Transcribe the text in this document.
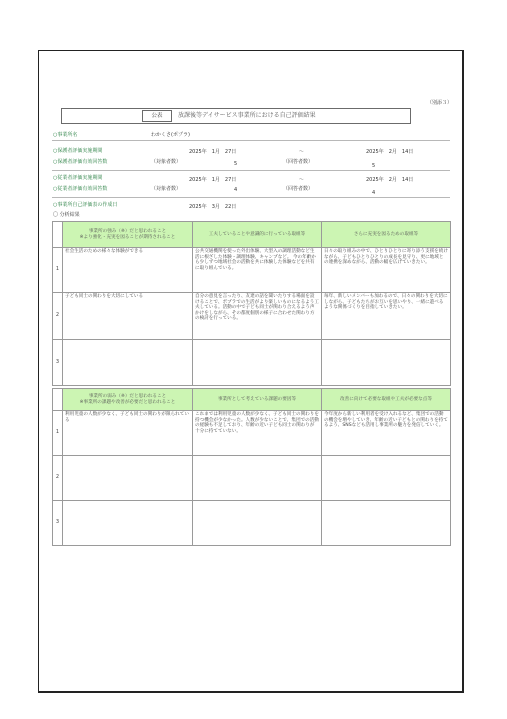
（別添３）
公表	放課後等デイサービス事業所における自己評価結果
○事業所名	わかくさ(ポプラ)
○保護者評価実施期間	2025年　1月　27日	～	2025年　2月　14日
○保護者評価有効回答数	（対象者数）	5	（回答者数）
5
○従業者評価実施期間	2025年　1月　27日	～	2025年　2月　14日
○従業者評価有効回答数	（対象者数）	4	（回答者数）
4
○事業所自己評価表の作成日	2025年　3月　22日
〇 分析結果
	事業所の強み（※）だと思われること
※より強化・充実を図ることが期待されること	工夫していることや意識的に行っている取組等	さらに充実を図るための取組等
1	社会生活のための様々な体験ができる	公共交通機関を使った外出体験、大型入の調理活動など生活に根ざした体験・調理体験、キャンプなど。 今の年齢から少しずつ地域社会の活動を共に体験した体験などを共有に取り組んでいる。	日々の取り組みの中で、ひとりひとりに寄り添う支援を続けながら、子どもひとりひとりの成長を見守り、更に地域との連携を深めながら、活動の幅を広げていきたい。
2	子ども同士の関わりを大切にしている	自分の意見を言ったり、友達の話を聞いたりする場面を設けることで、ポプラでの生活がより楽しいものになるよう工夫している。活動の中で子ども同士が関わり合えるよう声かけをしながら、その都度個別の様子に合わせた関わり方の検討を行っている。	毎年、新しいメンバーも加わるので、日々の関わりを大切にしながら、子どもたちがお互いを思いやり、一緒に遊べるような関係づくりを目指していきたい。
3			
	事業所の弱み（※）だと思われること
※事業所の課題や改善が必要だと思われること	事業所として考えている課題の要因等	改善に向けて必要な取組や工夫が必要な点等
1	利用児童の人数が少なく、子ども同士の関わりが限られている	これまでは利用児童の人数が少なく、子ども同士の関わりを持つ機会が少なかった。人数が少ないことで、集団での活動の経験も不足しており、年齢の近い子ども同士の関わりが十分に持てていない。	今年度から新しい利用者を受け入れるなど、集団での活動の機会を増やしていき、年齢の近い子どもとの関わりを持てるよう、SNSなども活用し事業所の魅力を発信していく。
2			
3			
